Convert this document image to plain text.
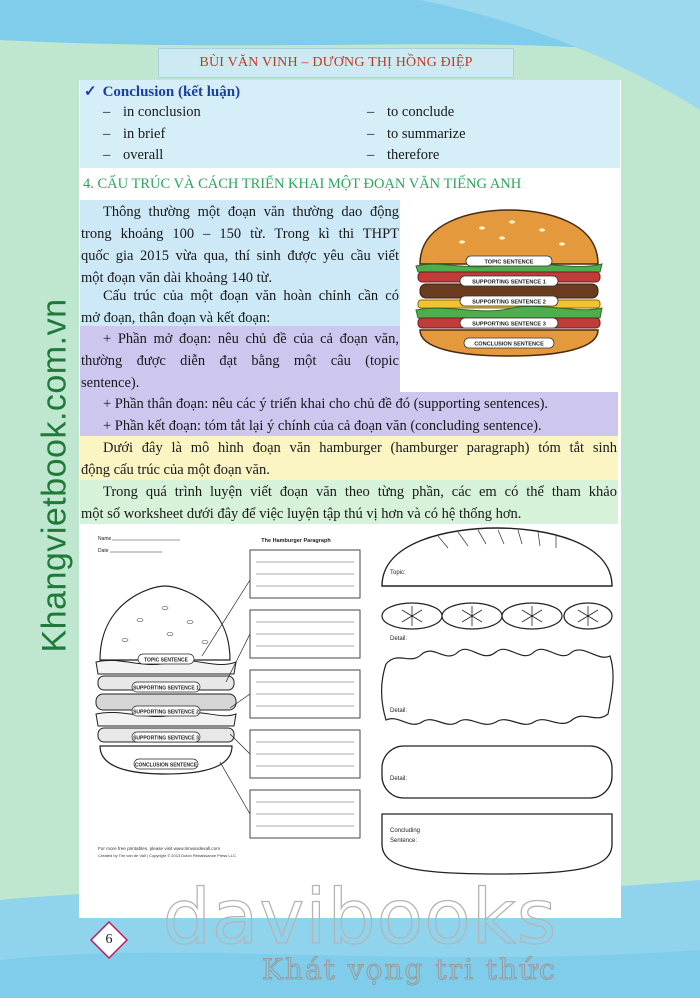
BÙI VĂN VINH – DƯƠNG THỊ HỒNG ĐIỆP
Khangvietbook.com.vn
✓ Conclusion (kết luận)
– in conclusion
– in brief
– overall
– to conclude
– to summarize
– therefore
4. CẤU TRÚC VÀ CÁCH TRIỂN KHAI MỘT ĐOẠN VĂN TIẾNG ANH
Thông thường một đoạn văn thường dao động
trong khoảng 100 – 150 từ. Trong kì thi THPT
quốc gia 2015 vừa qua, thí sinh được yêu cầu viết
một đoạn văn dài khoảng 140 từ.
Cấu trúc của một đoạn văn hoàn chỉnh cần có
mở đoạn, thân đoạn và kết đoạn:
+ Phần mở đoạn: nêu chủ đề của cả đoạn văn,
thường được diễn đạt bằng một câu (topic
sentence).
+ Phần thân đoạn: nêu các ý triển khai cho chủ đề đó (supporting sentences).
+ Phần kết đoạn: tóm tắt lại ý chính của cả đoạn văn (concluding sentence).
Dưới đây là mô hình đoạn văn hamburger (hamburger paragraph) tóm tắt sinh
động cấu trúc của một đoạn văn.
Trong quá trình luyện viết đoạn văn theo từng phần, các em có thể tham khảo
một số worksheet dưới đây để việc luyện tập thú vị hơn và có hệ thống hơn.
TOPIC SENTENCE
SUPPORTING SENTENCE 1
SUPPORTING SENTENCE 2
SUPPORTING SENTENCE 3
CONCLUSION SENTENCE
Name
Date
The Hamburger Paragraph
TOPIC SENTENCE
SUPPORTING SENTENCE 1
SUPPORTING SENTENCE 2
SUPPORTING SENTENCE 3
CONCLUSION SENTENCE
For more free printables, please visit www.timvandevall.com
Created by Tim van de Vall | Copyright © 2013 Dutch Renaissance Press LLC.
Topic:
Detail:
Detail:
Detail:
Concluding
Sentence:
davibooks
Khát vọng tri thức
6
